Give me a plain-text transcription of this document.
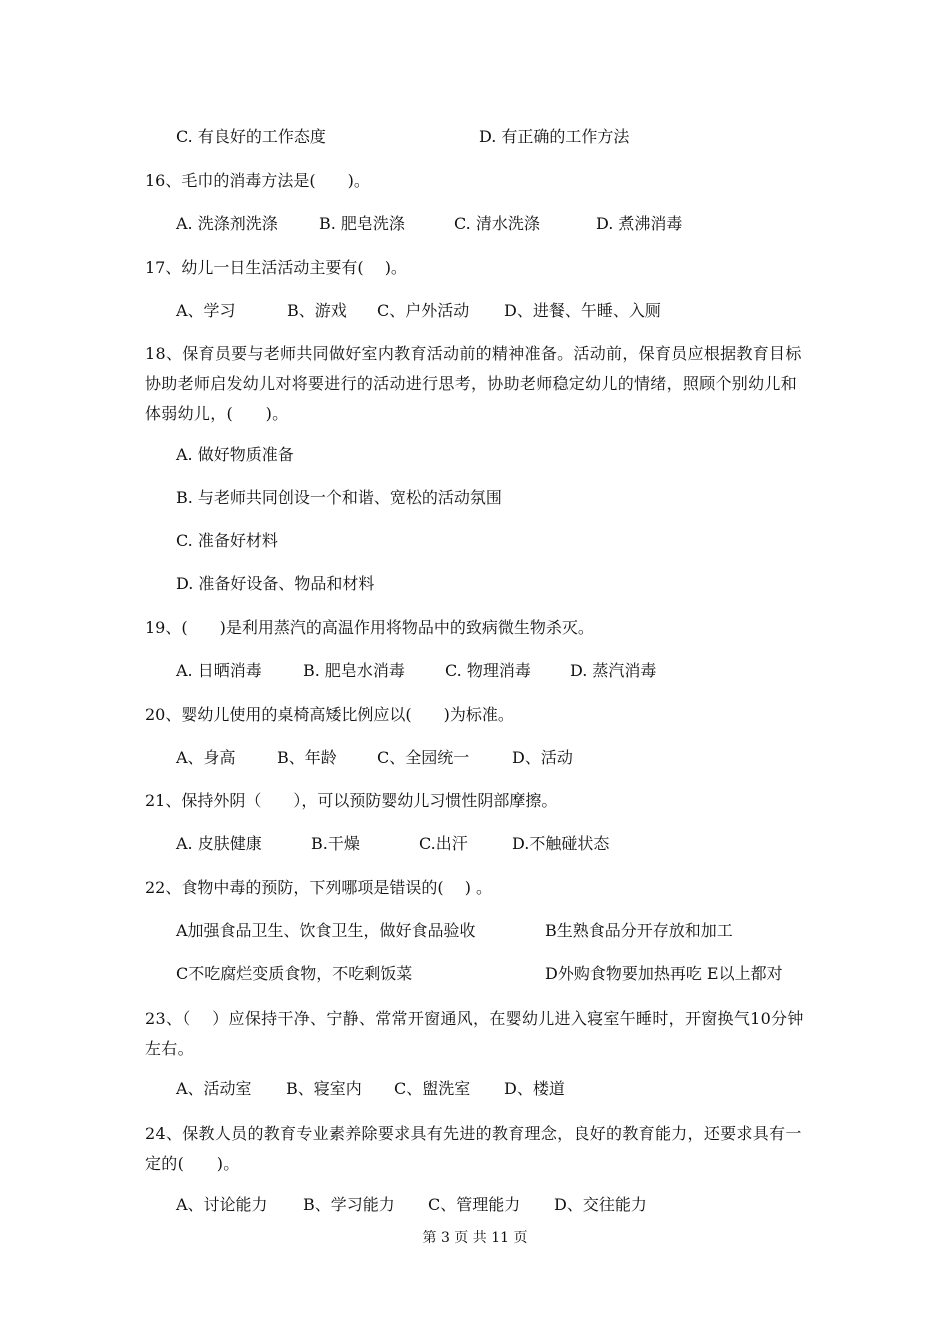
C. 有良好的工作态度	D. 有正确的工作方法
16、毛巾的消毒方法是(　　)。
A. 洗涤剂洗涤	B. 肥皂洗涤	C. 清水洗涤	D. 煮沸消毒
17、幼儿一日生活活动主要有(　 )。
A、学习	B、游戏 C、户外活动 D、进餐、午睡、入厕
18、保育员要与老师共同做好室内教育活动前的精神准备。活动前，保育员应根据教育目标协助老师启发幼儿对将要进行的活动进行思考，协助老师稳定幼儿的情绪，照顾个别幼儿和体弱幼儿，(　　)。
A. 做好物质准备
B. 与老师共同创设一个和谐、宽松的活动氛围
C. 准备好材料
D. 准备好设备、物品和材料
19、(　　)是利用蒸汽的高温作用将物品中的致病微生物杀灭。
A. 日晒消毒	B. 肥皂水消毒	C. 物理消毒 D. 蒸汽消毒
20、婴幼儿使用的桌椅高矮比例应以(　　)为标准。
A、身高	B、年龄	C、全园统一	D、活动
21、保持外阴（　　），可以预防婴幼儿习惯性阴部摩擦。
A. 皮肤健康	B.干燥	C.出汗	D.不触碰状态
22、食物中毒的预防，下列哪项是错误的(　 ) 。
A加强食品卫生、饮食卫生，做好食品验收	B生熟食品分开存放和加工
C不吃腐烂变质食物，不吃剩饭菜	D外购食物要加热再吃 E以上都对
23、（　 ）应保持干净、宁静、常常开窗通风，在婴幼儿进入寝室午睡时，开窗换气10分钟左右。
A、活动室 B、寝室内 C、盥洗室 D、楼道
24、保教人员的教育专业素养除要求具有先进的教育理念，良好的教育能力，还要求具有一定的(　　)。
A、讨论能力 B、学习能力 C、管理能力 D、交往能力
第 3 页 共 11 页
